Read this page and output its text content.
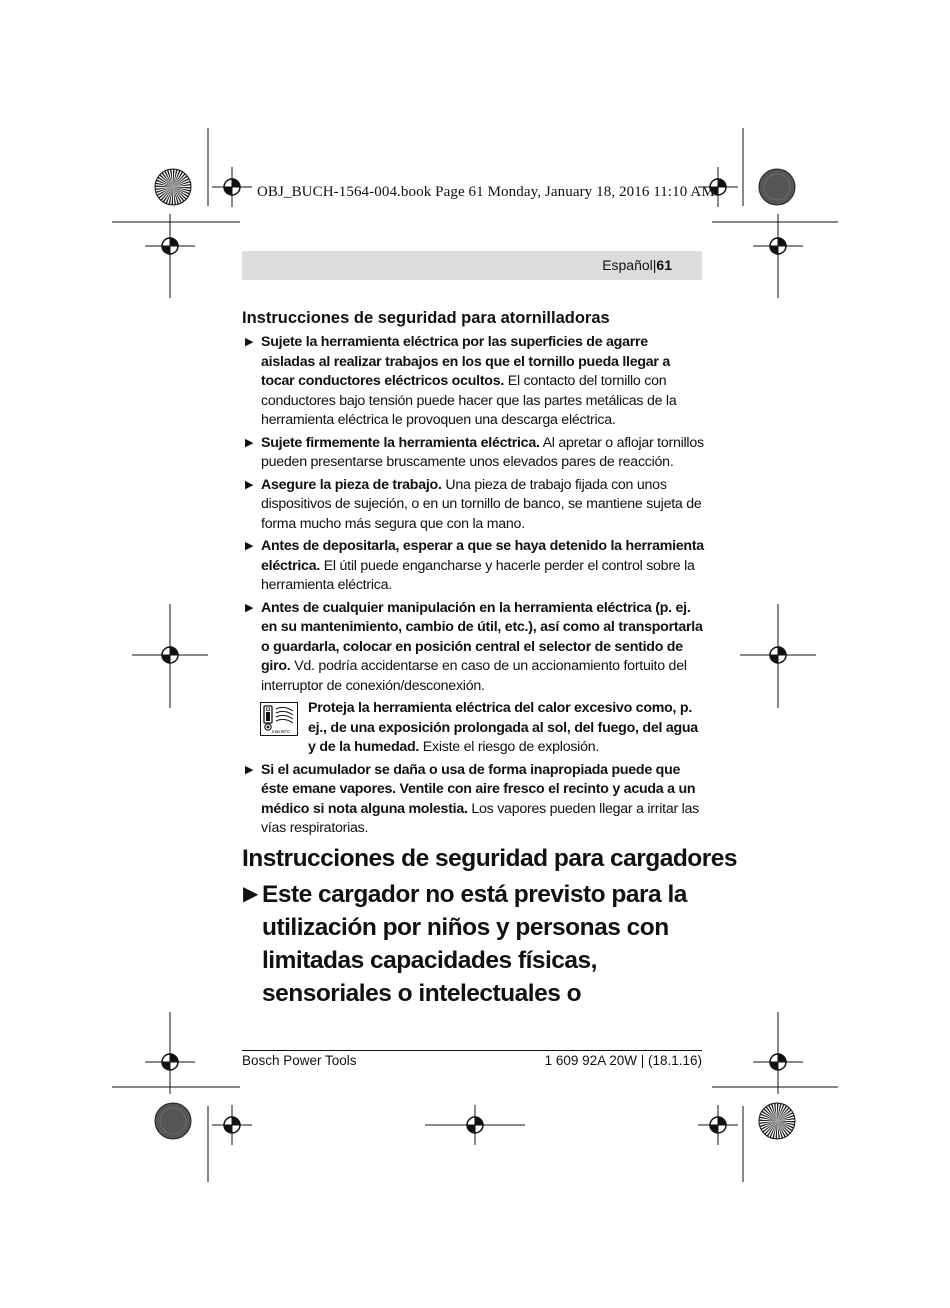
OBJ_BUCH-1564-004.book Page 61 Monday, January 18, 2016 11:10 AM
Español|61
Instrucciones de seguridad para atornilladoras
▶ Sujete la herramienta eléctrica por las superficies de agarre aisladas al realizar trabajos en los que el tornillo pueda llegar a tocar conductores eléctricos ocultos. El contacto del tornillo con conductores bajo tensión puede hacer que las partes metálicas de la herramienta eléctrica le provoquen una descarga eléctrica.
▶ Sujete firmemente la herramienta eléctrica. Al apretar o aflojar tornillos pueden presentarse bruscamente unos elevados pares de reacción.
▶ Asegure la pieza de trabajo. Una pieza de trabajo fijada con unos dispositivos de sujeción, o en un tornillo de banco, se mantiene sujeta de forma mucho más segura que con la mano.
▶ Antes de depositarla, esperar a que se haya detenido la herramienta eléctrica. El útil puede engancharse y hacerle perder el control sobre la herramienta eléctrica.
▶ Antes de cualquier manipulación en la herramienta eléctrica (p. ej. en su mantenimiento, cambio de útil, etc.), así como al transportarla o guardarla, colocar en posición central el selector de sentido de giro. Vd. podría accidentarse en caso de un accionamiento fortuito del interruptor de conexión/desconexión.
max.50°C
Proteja la herramienta eléctrica del calor excesivo como, p. ej., de una exposición prolongada al sol, del fuego, del agua y de la humedad. Existe el riesgo de explosión.
▶ Si el acumulador se daña o usa de forma inapropiada puede que éste emane vapores. Ventile con aire fresco el recinto y acuda a un médico si nota alguna molestia. Los vapores pueden llegar a irritar las vías respiratorias.
Instrucciones de seguridad para cargadores
▶ Este cargador no está previsto para la utilización por niños y personas con limitadas capacidades físicas, sensoriales o intelectuales o
Bosch Power Tools	1 609 92A 20W | (18.1.16)
